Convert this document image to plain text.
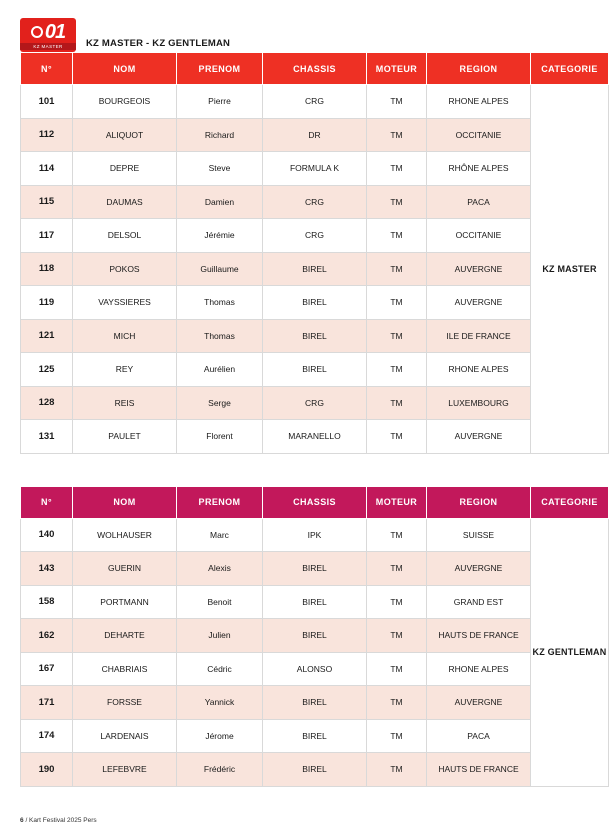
01
KZ MASTER	KZ MASTER - KZ GENTLEMAN
N°	NOM	PRENOM	CHASSIS	MOTEUR	REGION	CATEGORIE
101	BOURGEOIS	Pierre	CRG	TM	RHONE ALPES	KZ MASTER
112	ALIQUOT	Richard	DR	TM	OCCITANIE	
114	DEPRE	Steve	FORMULA K	TM	RHÔNE ALPES	
115	DAUMAS	Damien	CRG	TM	PACA	
117	DELSOL	Jérémie	CRG	TM	OCCITANIE	
118	POKOS	Guillaume	BIREL	TM	AUVERGNE	
119	VAYSSIERES	Thomas	BIREL	TM	AUVERGNE	
121	MICH	Thomas	BIREL	TM	ILE DE FRANCE	
125	REY	Aurélien	BIREL	TM	RHONE ALPES	
128	REIS	Serge	CRG	TM	LUXEMBOURG	
131	PAULET	Florent	MARANELLO	TM	AUVERGNE	
N°	NOM	PRENOM	CHASSIS	MOTEUR	REGION	CATEGORIE
140	WOLHAUSER	Marc	IPK	TM	SUISSE	KZ GENTLEMAN
143	GUERIN	Alexis	BIREL	TM	AUVERGNE	
158	PORTMANN	Benoit	BIREL	TM	GRAND EST	
162	DEHARTE	Julien	BIREL	TM	HAUTS DE FRANCE	
167	CHABRIAIS	Cédric	ALONSO	TM	RHONE ALPES	
171	FORSSE	Yannick	BIREL	TM	AUVERGNE	
174	LARDENAIS	Jérome	BIREL	TM	PACA	
190	LEFEBVRE	Frédéric	BIREL	TM	HAUTS DE FRANCE	
6 / Kart Festival 2025 Pers
